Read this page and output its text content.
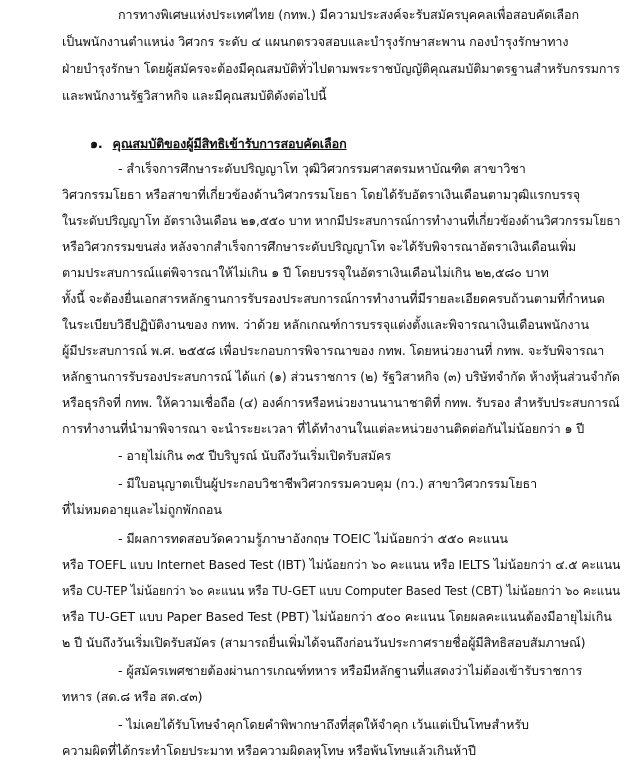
การทางพิเศษแห่งประเทศไทย (กทพ.) มีความประสงค์จะรับสมัครบุคคลเพื่อสอบคัดเลือก
เป็นพนักงานตำแหน่ง วิศวกร ระดับ ๔ แผนกตรวจสอบและบำรุงรักษาสะพาน กองบำรุงรักษาทาง
ฝ่ายบำรุงรักษา โดยผู้สมัครจะต้องมีคุณสมบัติทั่วไปตามพระราชบัญญัติคุณสมบัติมาตรฐานสำหรับกรรมการ
และพนักงานรัฐวิสาหกิจ และมีคุณสมบัติดังต่อไปนี้
๑. คุณสมบัติของผู้มีสิทธิเข้ารับการสอบคัดเลือก
- สำเร็จการศึกษาระดับปริญญาโท วุฒิวิศวกรรมศาสตรมหาบัณฑิต สาขาวิชา
วิศวกรรมโยธา หรือสาขาที่เกี่ยวข้องด้านวิศวกรรมโยธา โดยได้รับอัตราเงินเดือนตามวุฒิแรกบรรจุ
ในระดับปริญญาโท อัตราเงินเดือน ๒๑,๕๕๐ บาท หากมีประสบการณ์การทำงานที่เกี่ยวข้องด้านวิศวกรรมโยธา
หรือวิศวกรรมขนส่ง หลังจากสำเร็จการศึกษาระดับปริญญาโท จะได้รับพิจารณาอัตราเงินเดือนเพิ่ม
ตามประสบการณ์แต่พิจารณาให้ไม่เกิน ๑ ปี โดยบรรจุในอัตราเงินเดือนไม่เกิน ๒๒,๕๘๐ บาท
ทั้งนี้ จะต้องยื่นเอกสารหลักฐานการรับรองประสบการณ์การทำงานที่มีรายละเอียดครบถ้วนตามที่กำหนด
ในระเบียบวิธีปฏิบัติงานของ กทพ. ว่าด้วย หลักเกณฑ์การบรรจุแต่งตั้งและพิจารณาเงินเดือนพนักงาน
ผู้มีประสบการณ์ พ.ศ. ๒๕๕๘ เพื่อประกอบการพิจารณาของ กทพ. โดยหน่วยงานที่ กทพ. จะรับพิจารณา
หลักฐานการรับรองประสบการณ์ ได้แก่ (๑) ส่วนราชการ (๒) รัฐวิสาหกิจ (๓) บริษัทจำกัด ห้างหุ้นส่วนจำกัด
หรือธุรกิจที่ กทพ. ให้ความเชื่อถือ (๔) องค์การหรือหน่วยงานนานาชาติที่ กทพ. รับรอง สำหรับประสบการณ์
การทำงานที่นำมาพิจารณา จะนำระยะเวลา ที่ได้ทำงานในแต่ละหน่วยงานติดต่อกันไม่น้อยกว่า ๑ ปี
- อายุไม่เกิน ๓๕ ปีบริบูรณ์ นับถึงวันเริ่มเปิดรับสมัคร
- มีใบอนุญาตเป็นผู้ประกอบวิชาชีพวิศวกรรมควบคุม (กว.) สาขาวิศวกรรมโยธา
ที่ไม่หมดอายุและไม่ถูกพักถอน
- มีผลการทดสอบวัดความรู้ภาษาอังกฤษ TOEIC ไม่น้อยกว่า ๕๕๐ คะแนน
หรือ TOEFL แบบ Internet Based Test (IBT) ไม่น้อยกว่า ๖๐ คะแนน หรือ IELTS ไม่น้อยกว่า ๔.๕ คะแนน
หรือ CU-TEP ไม่น้อยกว่า ๖๐ คะแนน หรือ TU-GET แบบ Computer Based Test (CBT) ไม่น้อยกว่า ๖๐ คะแนน
หรือ TU-GET แบบ Paper Based Test (PBT) ไม่น้อยกว่า ๕๐๐ คะแนน โดยผลคะแนนต้องมีอายุไม่เกิน
๒ ปี นับถึงวันเริ่มเปิดรับสมัคร (สามารถยื่นเพิ่มได้จนถึงก่อนวันประกาศรายชื่อผู้มีสิทธิสอบสัมภาษณ์)
- ผู้สมัครเพศชายต้องผ่านการเกณฑ์ทหาร หรือมีหลักฐานที่แสดงว่าไม่ต้องเข้ารับราชการ
ทหาร (สด.๘ หรือ สด.๔๓)
- ไม่เคยได้รับโทษจำคุกโดยคำพิพากษาถึงที่สุดให้จำคุก เว้นแต่เป็นโทษสำหรับ
ความผิดที่ได้กระทำโดยประมาท หรือความผิดลหุโทษ หรือพ้นโทษแล้วเกินห้าปี
